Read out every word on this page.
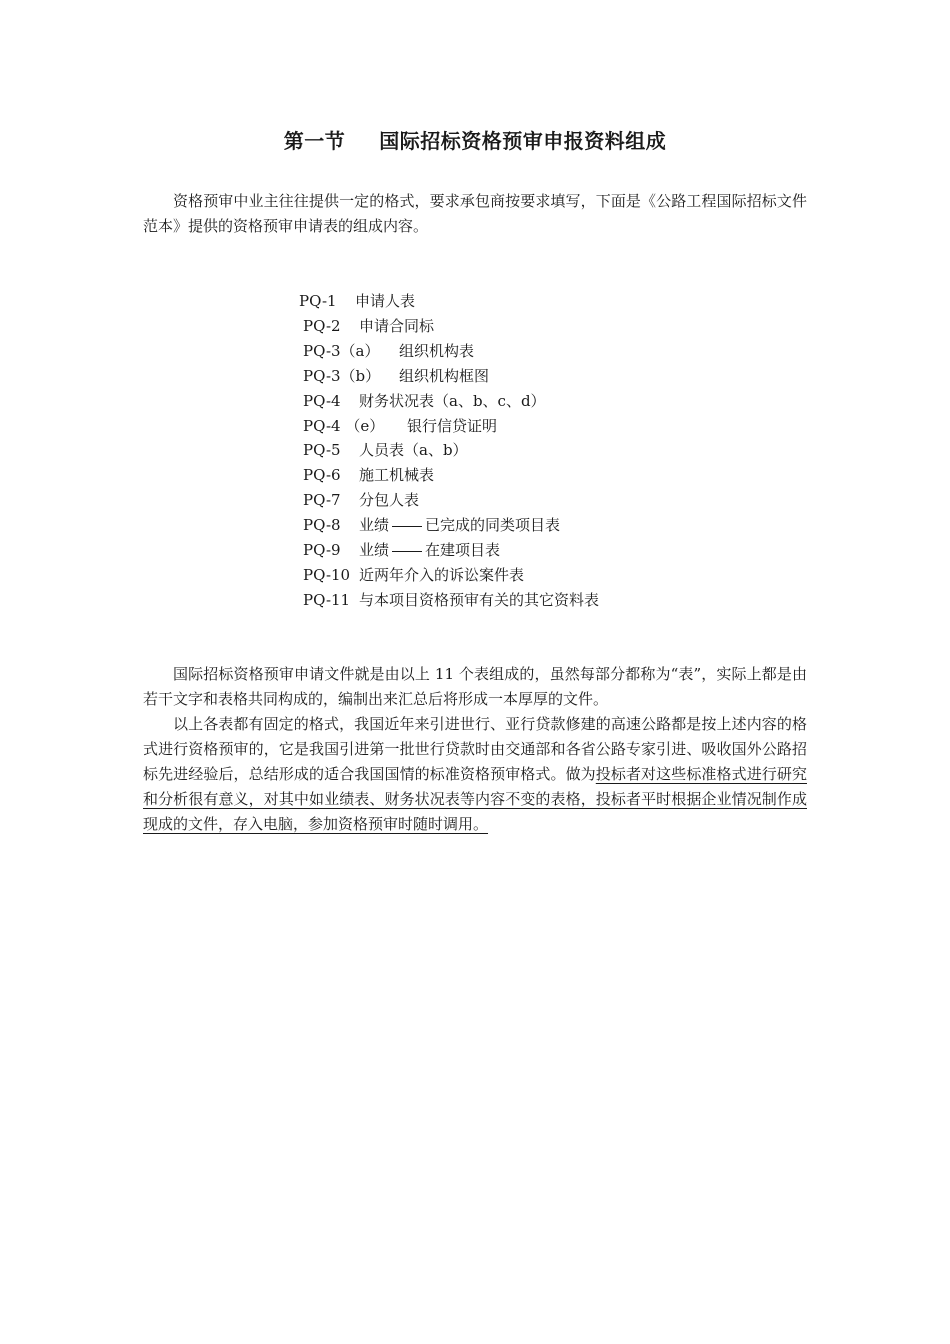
第一节 国际招标资格预审申报资料组成

资格预审中业主往往提供一定的格式，要求承包商按要求填写，下面是《公路工程国际招标文件范本》提供的资格预审申请表的组成内容。

PQ-1 申请人表
PQ-2 申请合同标
PQ-3（a） 组织机构表
PQ-3（b） 组织机构框图
PQ-4 财务状况表（a、b、c、d）
PQ-4 （e） 银行信贷证明
PQ-5 人员表（a、b）
PQ-6 施工机械表
PQ-7 分包人表
PQ-8 业绩 已完成的同类项目表
PQ-9 业绩 在建项目表
PQ-10 近两年介入的诉讼案件表
PQ-11 与本项目资格预审有关的其它资料表

国际招标资格预审申请文件就是由以上 11 个表组成的，虽然每部分都称为“表”，实际上都是由若干文字和表格共同构成的，编制出来汇总后将形成一本厚厚的文件。

以上各表都有固定的格式，我国近年来引进世行、亚行贷款修建的高速公路都是按上述内容的格式进行资格预审的，它是我国引进第一批世行贷款时由交通部和各省公路专家引进、吸收国外公路招标先进经验后，总结形成的适合我国国情的标准资格预审格式。做为投标者对这些标准格式进行研究和分析很有意义，对其中如业绩表、财务状况表等内容不变的表格，投标者平时根据企业情况制作成现成的文件，存入电脑，参加资格预审时随时调用。
